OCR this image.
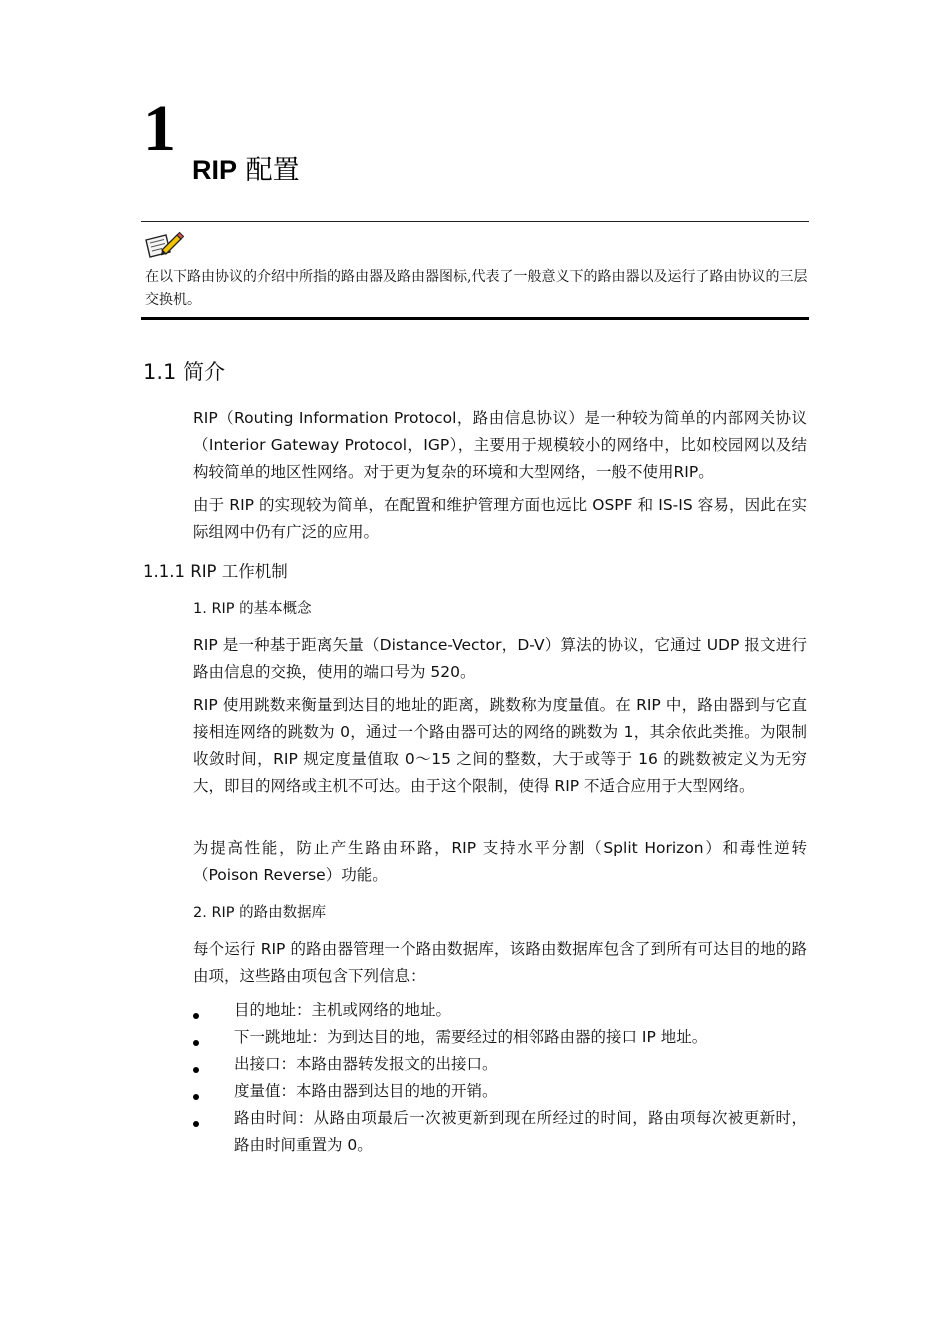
1
RIP 配置
在以下路由协议的介绍中所指的路由器及路由器图标,代表了一般意义下的路由器以及运行了路由协议的三层交换机。
1.1 简介

RIP（Routing Information Protocol，路由信息协议）是一种较为简单的内部网关协议（Interior Gateway Protocol，IGP），主要用于规模较小的网络中，比如校园网以及结构较简单的地区性网络。对于更为复杂的环境和大型网络，一般不使用RIP。

由于 RIP 的实现较为简单，在配置和维护管理方面也远比 OSPF 和 IS-IS 容易，因此在实际组网中仍有广泛的应用。

1.1.1 RIP 工作机制
1. RIP 的基本概念

RIP 是一种基于距离矢量（Distance-Vector，D-V）算法的协议，它通过 UDP 报文进行路由信息的交换，使用的端口号为 520。

RIP 使用跳数来衡量到达目的地址的距离，跳数称为度量值。在 RIP 中，路由器到与它直接相连网络的跳数为 0，通过一个路由器可达的网络的跳数为 1，其余依此类推。为限制收敛时间，RIP 规定度量值取 0～15 之间的整数，大于或等于 16 的跳数被定义为无穷大，即目的网络或主机不可达。由于这个限制，使得 RIP 不适合应用于大型网络。

为提高性能，防止产生路由环路，RIP 支持水平分割（Split Horizon）和毒性逆转（Poison Reverse）功能。

2. RIP 的路由数据库

每个运行 RIP 的路由器管理一个路由数据库，该路由数据库包含了到所有可达目的地的路由项，这些路由项包含下列信息：

目的地址：主机或网络的地址。
下一跳地址：为到达目的地，需要经过的相邻路由器的接口 IP 地址。
出接口：本路由器转发报文的出接口。
度量值：本路由器到达目的地的开销。
路由时间：从路由项最后一次被更新到现在所经过的时间，路由项每次被更新时，路由时间重置为 0。
